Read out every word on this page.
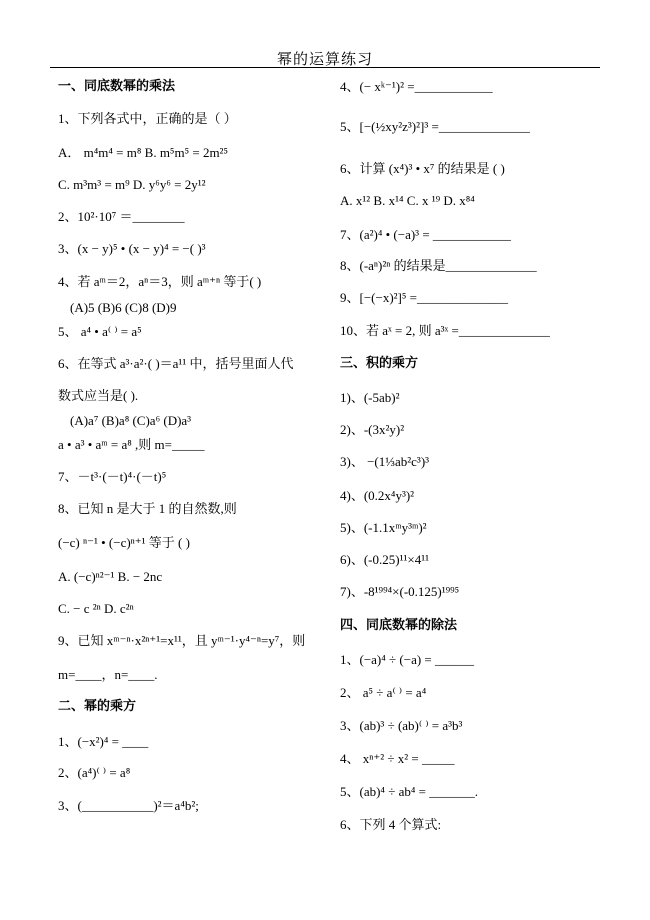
幂的运算练习
一、同底数幂的乘法
1、下列各式中，正确的是（ ）
A． m⁴m⁴ = m⁸ B. m⁵m⁵ = 2m²⁵
C. m³m³ = m⁹ D. y⁶y⁶ = 2y¹²
2、10²·10⁷ ＝________
3、(x − y)⁵ • (x − y)⁴ = −( )³
4、若 aᵐ＝2，aⁿ＝3，则 aᵐ⁺ⁿ 等于( )
(A)5 (B)6 (C)8 (D)9
5、 a⁴ • a⁽ ⁾ = a⁵
6、在等式 a³·a²·( )＝a¹¹ 中，括号里面人代
数式应当是( ).
(A)a⁷ (B)a⁸ (C)a⁶ (D)a³
a • a³ • aᵐ = a⁸ ,则 m=_____
7、－t³·(－t)⁴·(－t)⁵
8、已知 n 是大于 1 的自然数,则
(−c) ⁿ⁻¹ • (−c)ⁿ⁺¹ 等于 ( )
A. (−c)ⁿ²⁻¹ B. − 2nc
C. − c ²ⁿ D. c²ⁿ
9、已知 xᵐ⁻ⁿ·x²ⁿ⁺¹=x¹¹，且 yᵐ⁻¹·y⁴⁻ⁿ=y⁷，则
m=____，n=____.
二、幂的乘方
1、(−x²)⁴ = ____
2、(a⁴)⁽ ⁾ = a⁸
3、(___________)²＝a⁴b²;
4、(− xᵏ⁻¹)² =____________
5、[−(½xy²z³)²]³ =______________
6、计算 (x⁴)³ • x⁷ 的结果是 ( )
A. x¹² B. x¹⁴ C. x ¹⁹ D. x⁸⁴
7、(a²)⁴ • (−a)³ = ____________
8、(-aⁿ)²ⁿ 的结果是______________
9、[−(−x)²]⁵ =______________
10、若 aˣ = 2, 则 a³ˣ =______________
三、积的乘方
1)、(-5ab)²
2)、-(3x²y)²
3)、 −(1⅓ab²c³)³
4)、(0.2x⁴y³)²
5)、(-1.1xᵐy³ᵐ)²
6)、(-0.25)¹¹×4¹¹
7)、-8¹⁹⁹⁴×(-0.125)¹⁹⁹⁵
四、同底数幂的除法
1、(−a)⁴ ÷ (−a) = ______
2、 a⁵ ÷ a⁽ ⁾ = a⁴
3、(ab)³ ÷ (ab)⁽ ⁾ = a³b³
4、 xⁿ⁺² ÷ x² = _____
5、(ab)⁴ ÷ ab⁴ = _______.
6、下列 4 个算式:
